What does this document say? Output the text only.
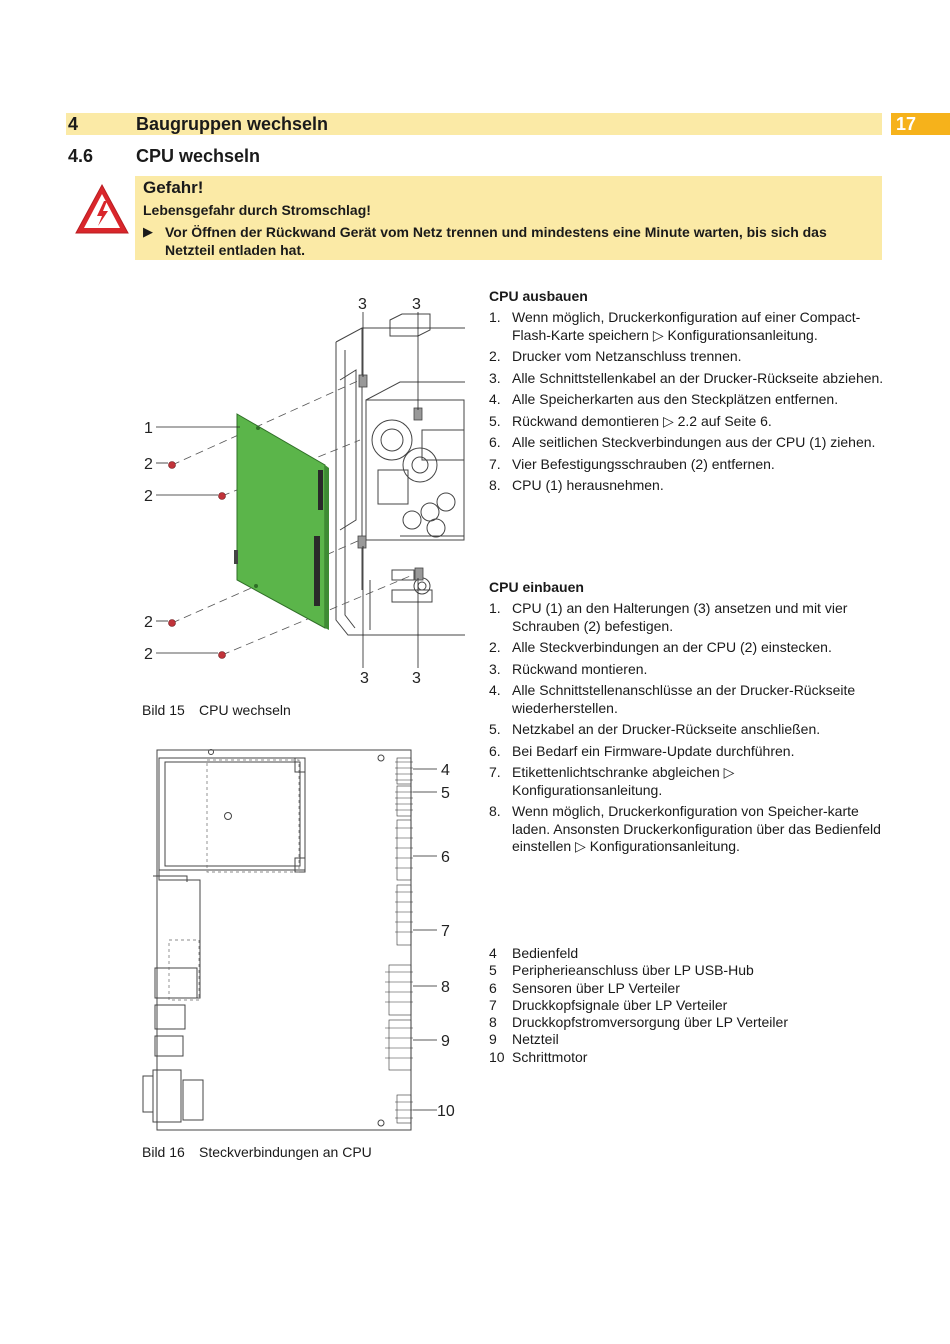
4	Baugruppen wechseln	17
4.6 CPU wechseln
Gefahr!
Lebensgefahr durch Stromschlag!
▶ Vor Öffnen der Rückwand Gerät vom Netz trennen und mindestens eine Minute warten, bis sich das Netzteil entladen hat.
1
2
2
2
2
3	3
3	3
Bild 15 CPU wechseln
4
5
6
7
8
9
10
Bild 16 Steckverbindungen an CPU
CPU ausbauen
1. Wenn möglich, Druckerkonfiguration auf einer Compact-Flash-Karte speichern ▷ Konfigurationsanleitung.
2. Drucker vom Netzanschluss trennen.
3. Alle Schnittstellenkabel an der Drucker-Rückseite abziehen.
4. Alle Speicherkarten aus den Steckplätzen entfernen.
5. Rückwand demontieren ▷ 2.2 auf Seite 6.
6. Alle seitlichen Steckverbindungen aus der CPU (1) ziehen.
7. Vier Befestigungsschrauben (2) entfernen.
8. CPU (1) herausnehmen.
CPU einbauen
1. CPU (1) an den Halterungen (3) ansetzen und mit vier Schrauben (2) befestigen.
2. Alle Steckverbindungen an der CPU (2) einstecken.
3. Rückwand montieren.
4. Alle Schnittstellenanschlüsse an der Drucker-Rückseite wiederherstellen.
5. Netzkabel an der Drucker-Rückseite anschließen.
6. Bei Bedarf ein Firmware-Update durchführen.
7. Etikettenlichtschranke abgleichen ▷ Konfigurationsanleitung.
8. Wenn möglich, Druckerkonfiguration von Speicher-karte laden. Ansonsten Druckerkonfiguration über das Bedienfeld einstellen ▷ Konfigurationsanleitung.
4 Bedienfeld
5 Peripherieanschluss über LP USB-Hub
6 Sensoren über LP Verteiler
7 Druckkopfsignale über LP Verteiler
8 Druckkopfstromversorgung über LP Verteiler
9 Netzteil
10 Schrittmotor
